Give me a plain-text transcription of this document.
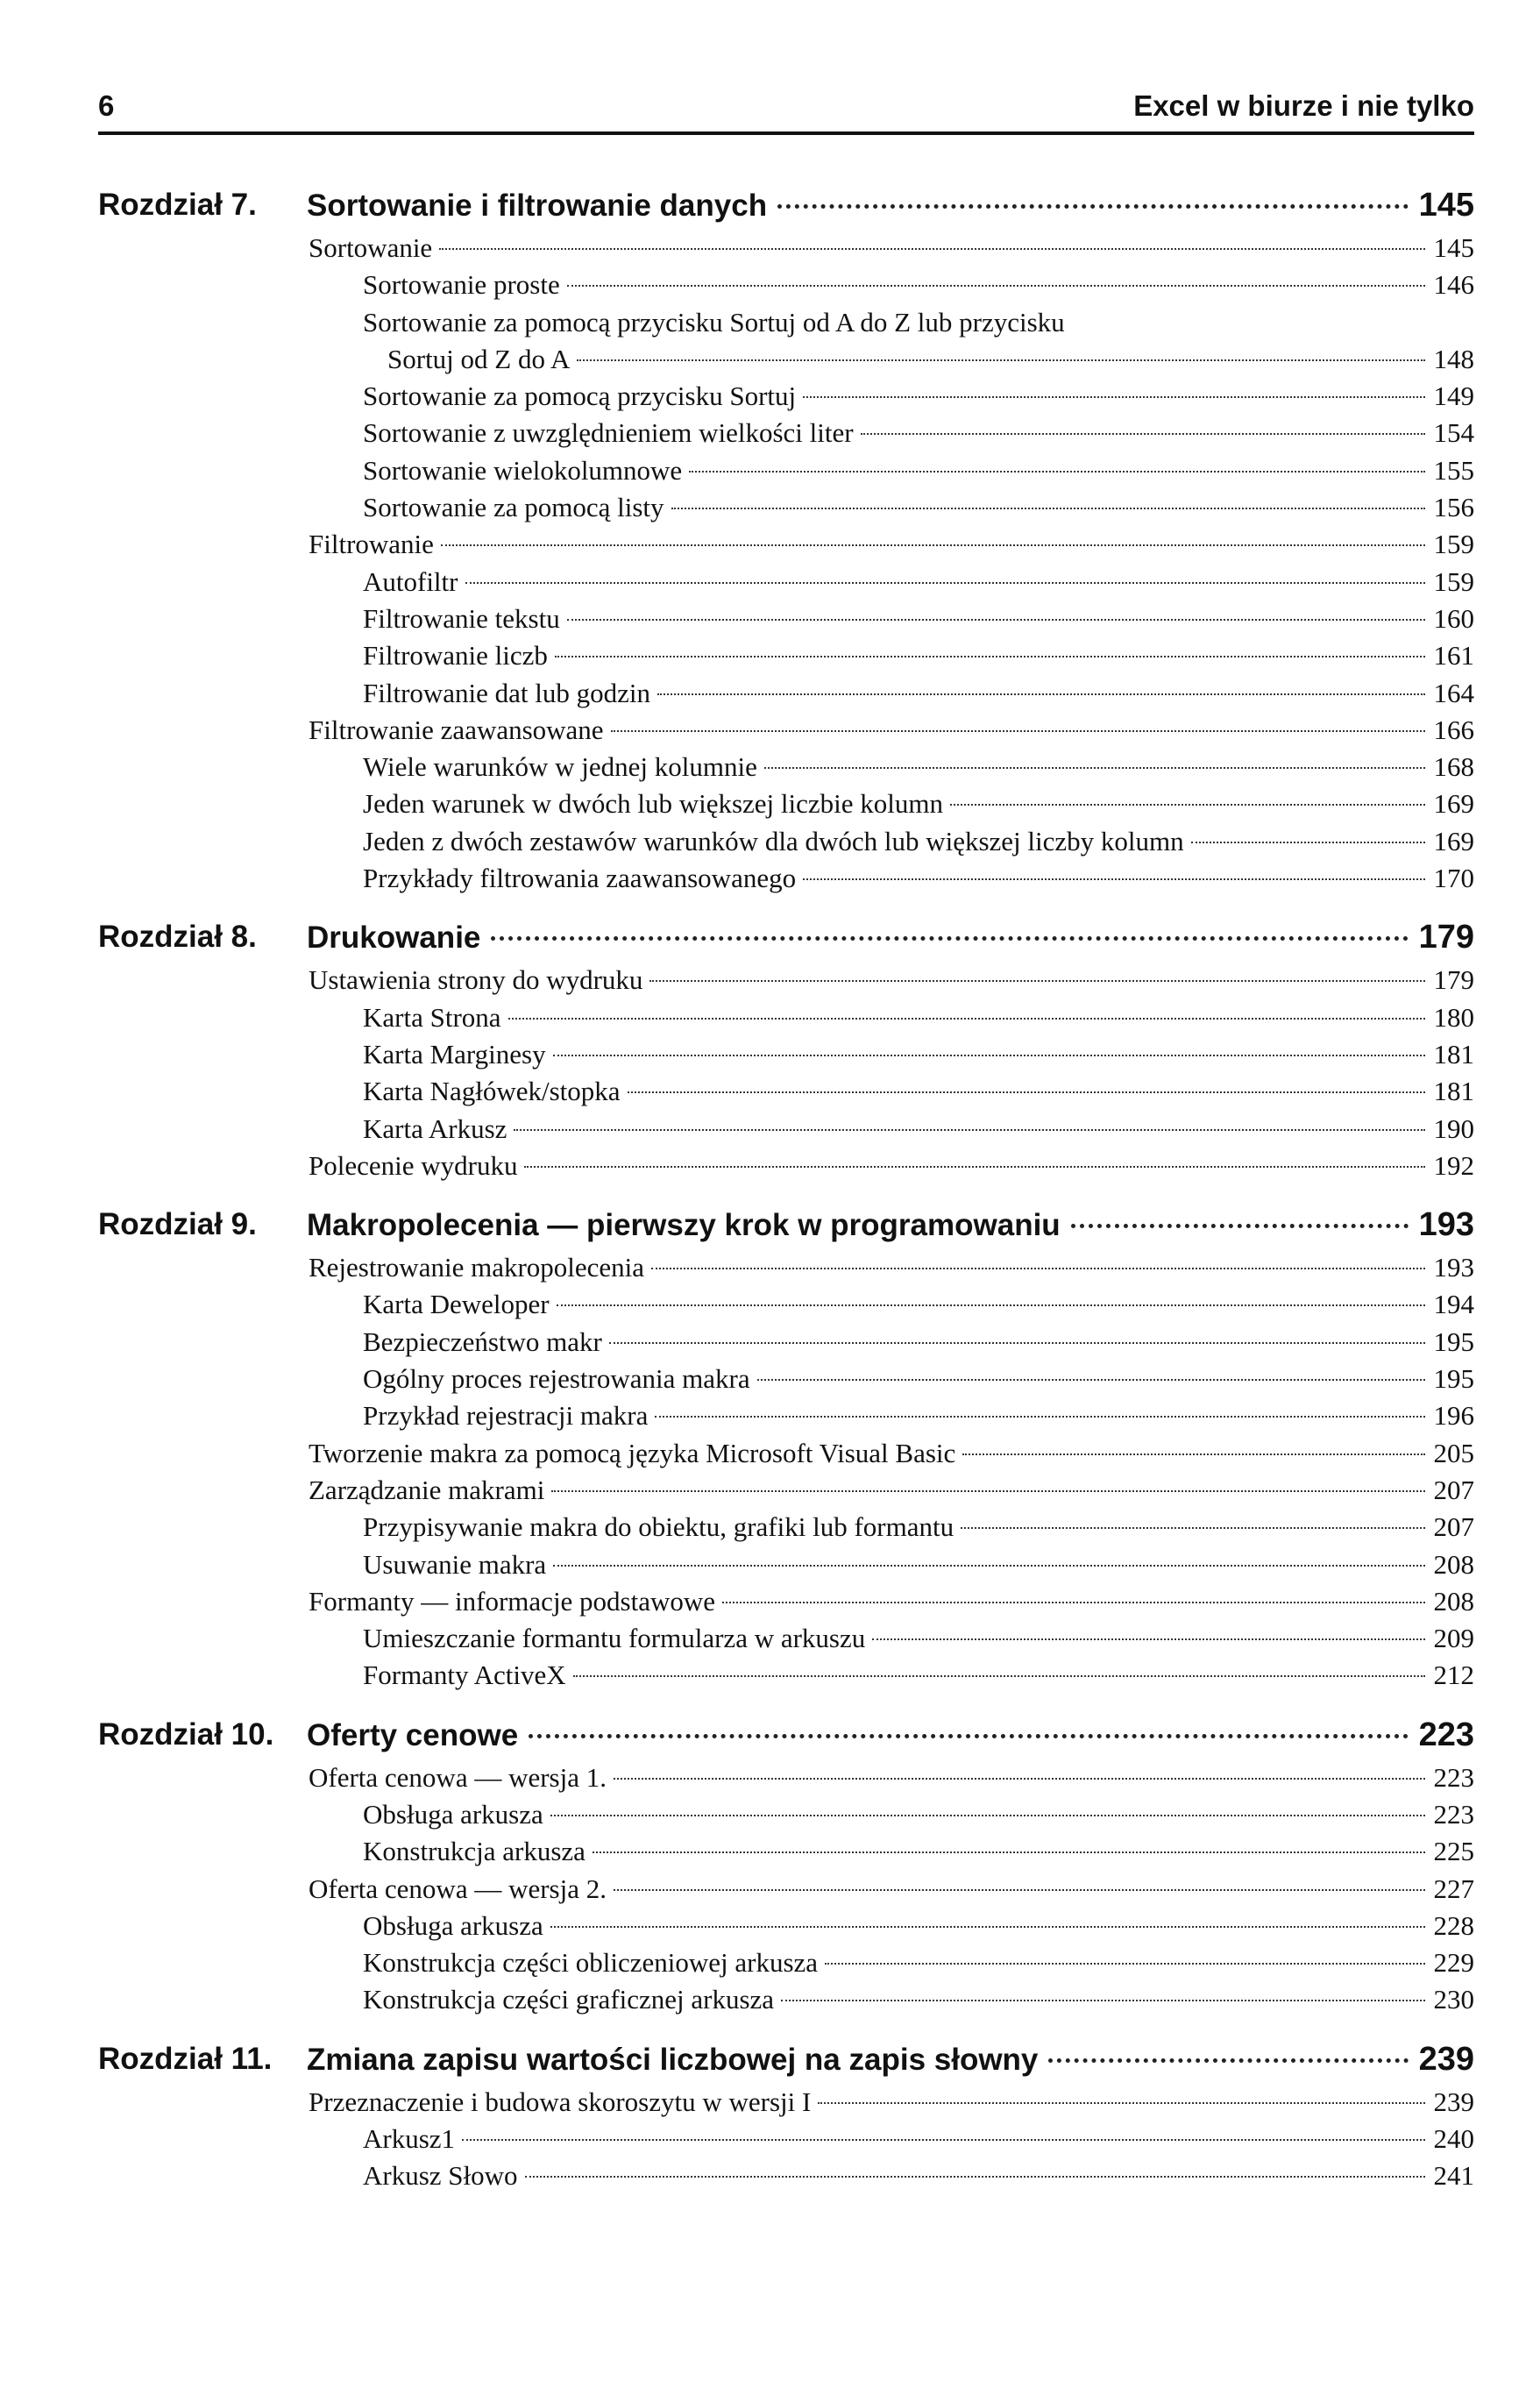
6	Excel w biurze i nie tylko
Rozdział 7. Sortowanie i filtrowanie danych	145
Sortowanie	145
Sortowanie proste	146
Sortowanie za pomocą przycisku Sortuj od A do Z lub przycisku
Sortuj od Z do A	148
Sortowanie za pomocą przycisku Sortuj	149
Sortowanie z uwzględnieniem wielkości liter	154
Sortowanie wielokolumnowe	155
Sortowanie za pomocą listy	156
Filtrowanie	159
Autofiltr	159
Filtrowanie tekstu	160
Filtrowanie liczb	161
Filtrowanie dat lub godzin	164
Filtrowanie zaawansowane	166
Wiele warunków w jednej kolumnie	168
Jeden warunek w dwóch lub większej liczbie kolumn	169
Jeden z dwóch zestawów warunków dla dwóch lub większej liczby kolumn	169
Przykłady filtrowania zaawansowanego	170
Rozdział 8. Drukowanie	179
Ustawienia strony do wydruku	179
Karta Strona	180
Karta Marginesy	181
Karta Nagłówek/stopka	181
Karta Arkusz	190
Polecenie wydruku	192
Rozdział 9. Makropolecenia — pierwszy krok w programowaniu	193
Rejestrowanie makropolecenia	193
Karta Deweloper	194
Bezpieczeństwo makr	195
Ogólny proces rejestrowania makra	195
Przykład rejestracji makra	196
Tworzenie makra za pomocą języka Microsoft Visual Basic	205
Zarządzanie makrami	207
Przypisywanie makra do obiektu, grafiki lub formantu	207
Usuwanie makra	208
Formanty — informacje podstawowe	208
Umieszczanie formantu formularza w arkuszu	209
Formanty ActiveX	212
Rozdział 10. Oferty cenowe	223
Oferta cenowa — wersja 1.	223
Obsługa arkusza	223
Konstrukcja arkusza	225
Oferta cenowa — wersja 2.	227
Obsługa arkusza	228
Konstrukcja części obliczeniowej arkusza	229
Konstrukcja części graficznej arkusza	230
Rozdział 11. Zmiana zapisu wartości liczbowej na zapis słowny	239
Przeznaczenie i budowa skoroszytu w wersji I	239
Arkusz1	240
Arkusz Słowo	241
